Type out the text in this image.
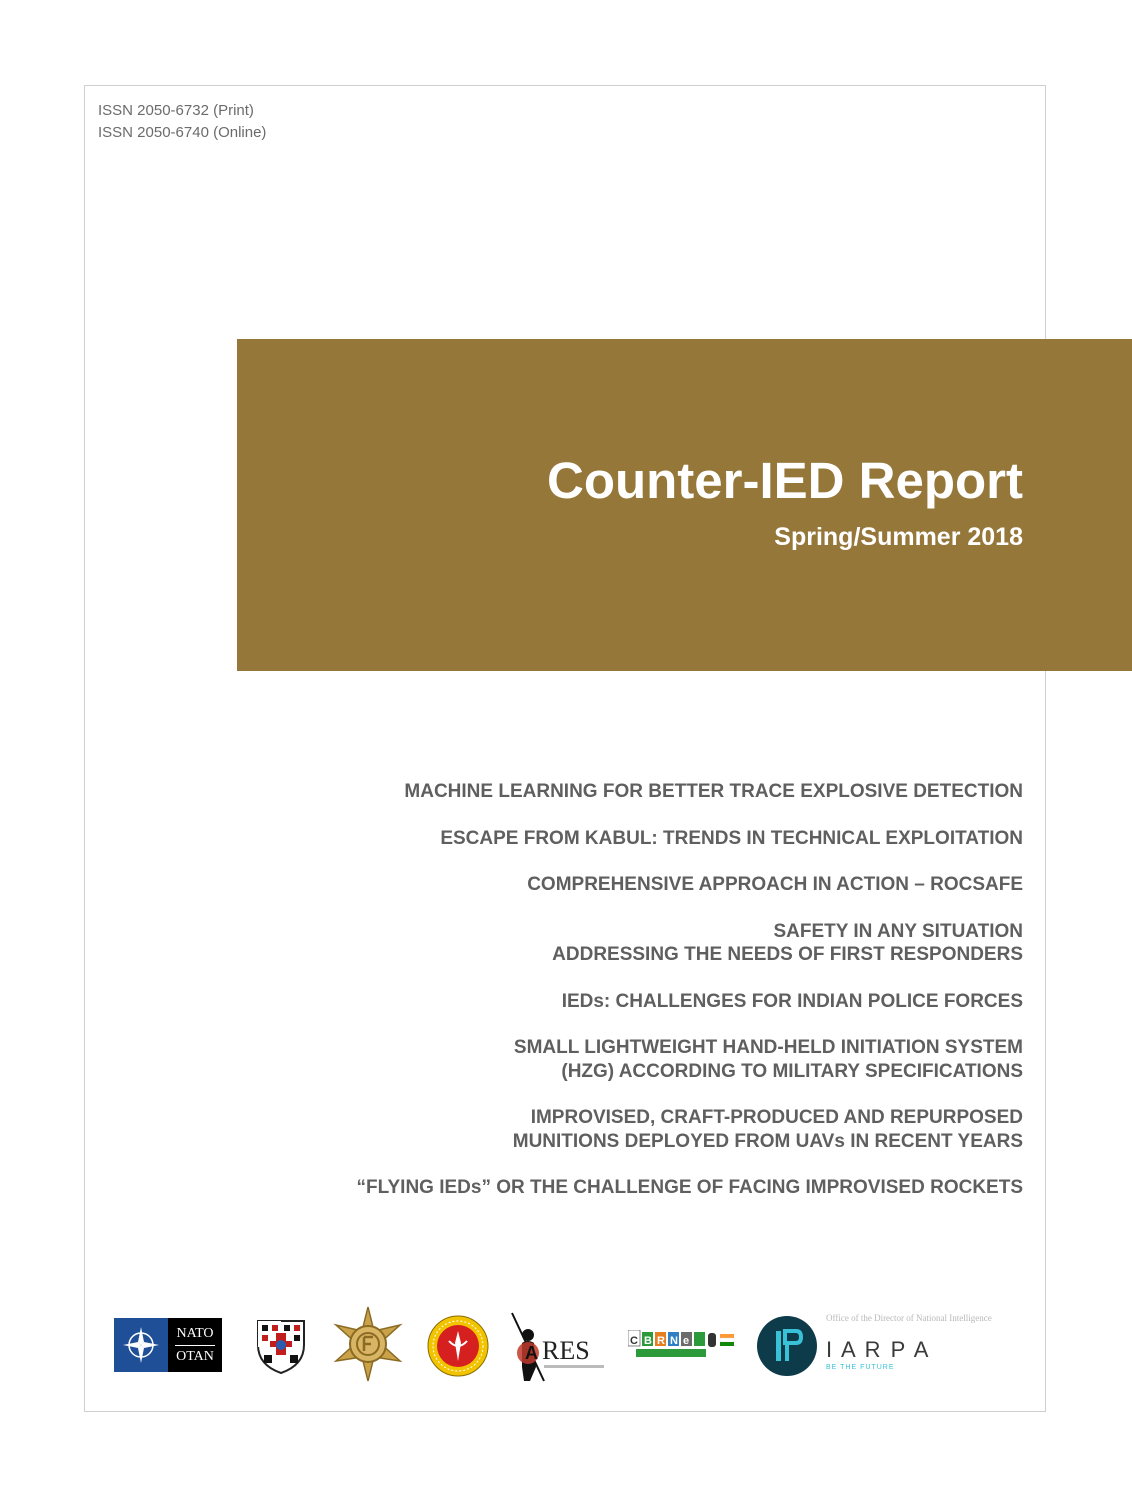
ISSN 2050-6732 (Print)
ISSN 2050-6740 (Online)
Counter-IED Report
Spring/Summer 2018
MACHINE LEARNING FOR BETTER TRACE EXPLOSIVE DETECTION
ESCAPE FROM KABUL: TRENDS IN TECHNICAL EXPLOITATION
COMPREHENSIVE APPROACH IN ACTION – ROCSAFE
SAFETY IN ANY SITUATION
ADDRESSING THE NEEDS OF FIRST RESPONDERS
IEDs: CHALLENGES FOR INDIAN POLICE FORCES
SMALL LIGHTWEIGHT HAND-HELD INITIATION SYSTEM
(HZG) ACCORDING TO MILITARY SPECIFICATIONS
IMPROVISED, CRAFT-PRODUCED AND REPURPOSED
MUNITIONS DEPLOYED FROM UAVs IN RECENT YEARS
“FLYING IEDs” OR THE CHALLENGE OF FACING IMPROVISED ROCKETS
NATO
OTAN	A RES	C B R N e
Office of the Director of National Intelligence
I A R P A
BE THE FUTURE
